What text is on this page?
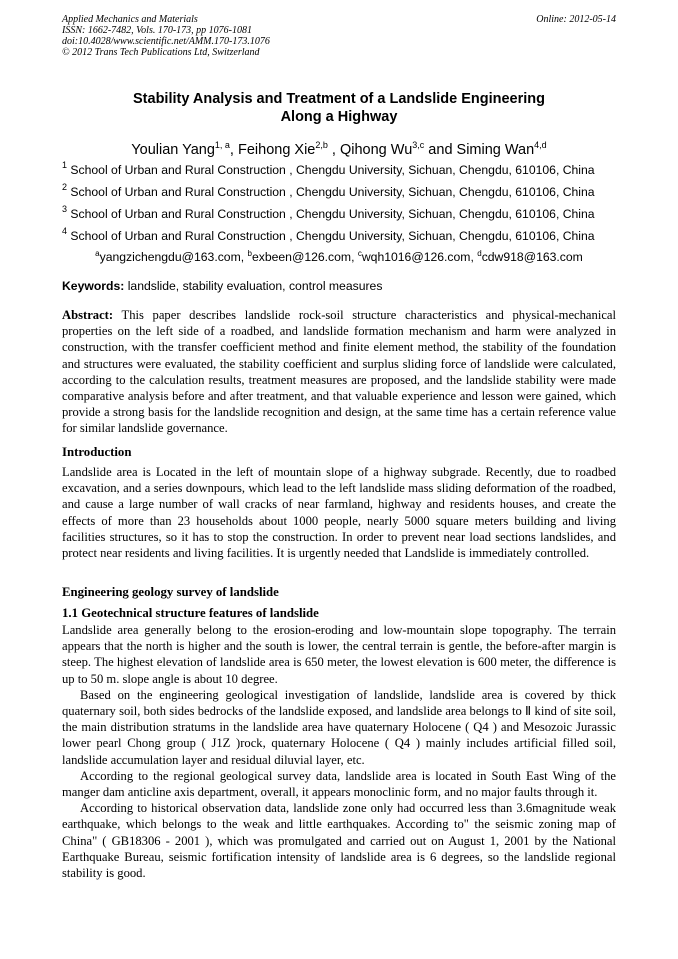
Applied Mechanics and Materials
ISSN: 1662-7482, Vols. 170-173, pp 1076-1081
doi:10.4028/www.scientific.net/AMM.170-173.1076
© 2012 Trans Tech Publications Ltd, Switzerland
Online: 2012-05-14
Stability Analysis and Treatment of a Landslide Engineering
Along a Highway
Youlian Yang$^{1, a}$, Feihong Xie$^{2,b}$ , Qihong Wu$^{3,c}$ and Siming Wan$^{4,d}$
$^1$ School of Urban and Rural Construction , Chengdu University, Sichuan, Chengdu, 610106, China
$^2$ School of Urban and Rural Construction , Chengdu University, Sichuan, Chengdu, 610106, China
$^3$ School of Urban and Rural Construction , Chengdu University, Sichuan, Chengdu, 610106, China
$^4$ School of Urban and Rural Construction , Chengdu University, Sichuan, Chengdu, 610106, China
$^a$yangzichengdu@163.com, $^b$exbeen@126.com, $^c$wqh1016@126.com, $^d$cdw918@163.com
Keywords: landslide, stability evaluation, control measures

Abstract: This paper describes landslide rock-soil structure characteristics and physical-mechanical properties on the left side of a roadbed, and landslide formation mechanism and harm were analyzed in construction, with the transfer coefficient method and finite element method, the stability of the foundation and structures were evaluated, the stability coefficient and surplus sliding force of landslide were calculated, according to the calculation results, treatment measures are proposed, and the landslide stability were made comparative analysis before and after treatment, and that valuable experience and lesson were gained, which provide a strong basis for the landslide recognition and design, at the same time has a certain reference value for similar landslide governance.

Introduction

Landslide area is Located in the left of mountain slope of a highway subgrade. Recently, due to roadbed excavation, and a series downpours, which lead to the left landslide mass sliding deformation of the roadbed, and cause a large number of wall cracks of near farmland, highway and residents houses, and create the effects of more than 23 households about 1000 people, nearly 5000 square meters building and living facilities structures, so it has to stop the construction. In order to prevent near load sections landslides, and protect near residents and living facilities. It is urgently needed that Landslide is immediately controlled.

Engineering geology survey of landslide
1.1 Geotechnical structure features of landslide

Landslide area generally belong to the erosion-eroding and low-mountain slope topography. The terrain appears that the north is higher and the south is lower, the central terrain is gentle, the before-after margin is steep. The highest elevation of landslide area is 650 meter, the lowest elevation is 600 meter, the difference is up to 50 m. slope angle is about 10 degree.

Based on the engineering geological investigation of landslide, landslide area is covered by thick quaternary soil, both sides bedrocks of the landslide exposed, and landslide area belongs to Ⅱ kind of site soil, the main distribution stratums in the landslide area have quaternary Holocene ( Q4 ) and Mesozoic Jurassic lower pearl Chong group ( J1Z )rock, quaternary Holocene ( Q4 ) mainly includes artificial filled soil, landslide accumulation layer and residual diluvial layer, etc.

According to the regional geological survey data, landslide area is located in South East Wing of the manger dam anticline axis department, overall, it appears monoclinic form, and no major faults through it.

According to historical observation data, landslide zone only had occurred less than 3.6magnitude weak earthquake, which belongs to the weak and little earthquakes. According to" the seismic zoning map of China" ( GB18306 - 2001 ), which was promulgated and carried out on August 1, 2001 by the National Earthquake Bureau, seismic fortification intensity of landslide area is 6 degrees, so the landslide regional stability is good.
